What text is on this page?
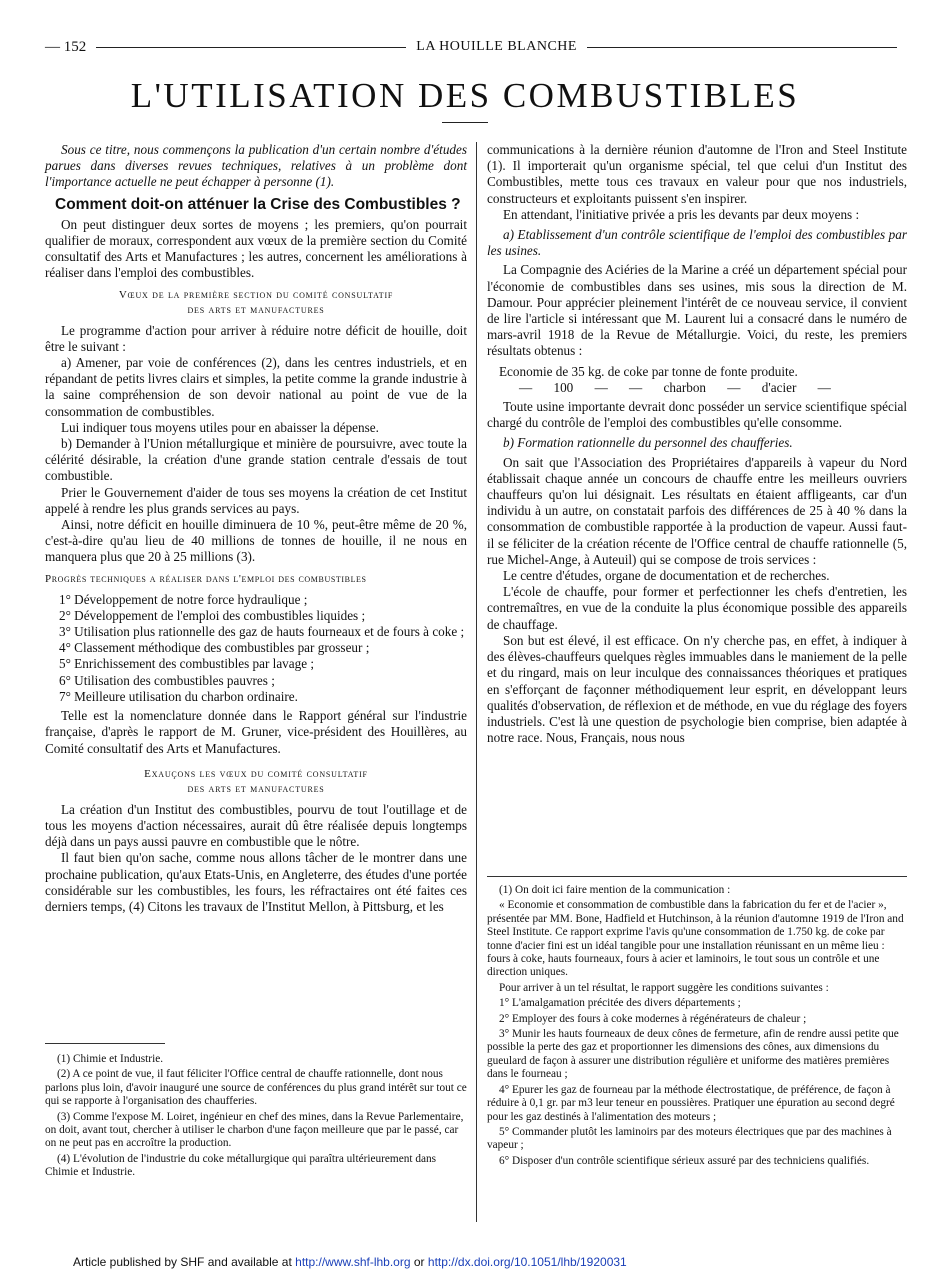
— 152	LA HOUILLE BLANCHE
L'UTILISATION DES COMBUSTIBLES

Sous ce titre, nous commençons la publication d'un certain nombre d'études parues dans diverses revues techniques, relatives à un problème dont l'importance actuelle ne peut échapper à personne (1).

Comment doit-on atténuer la Crise des Combustibles ?

On peut distinguer deux sortes de moyens ; les premiers, qu'on pourrait qualifier de moraux, correspondent aux vœux de la première section du Comité consultatif des Arts et Manufactures ; les autres, concernent les améliorations à réaliser dans l'emploi des combustibles.

Vœux de la première section du comité consultatif
des arts et manufactures

Le programme d'action pour arriver à réduire notre déficit de houille, doit être le suivant :

a) Amener, par voie de conférences (2), dans les centres industriels, et en répandant de petits livres clairs et simples, la petite comme la grande industrie à la saine compréhension de son devoir national au point de vue de la consommation de combustibles.

Lui indiquer tous moyens utiles pour en abaisser la dépense.

b) Demander à l'Union métallurgique et minière de poursuivre, avec toute la célérité désirable, la création d'une grande station centrale d'essais de tout combustible.

Prier le Gouvernement d'aider de tous ses moyens la création de cet Institut appelé à rendre les plus grands services au pays.

Ainsi, notre déficit en houille diminuera de 10 %, peut-être même de 20 %, c'est-à-dire qu'au lieu de 40 millions de tonnes de houille, il ne nous en manquera plus que 20 à 25 millions (3).

Progrès techniques a réaliser dans l'emploi des combustibles

1° Développement de notre force hydraulique ;

2° Développement de l'emploi des combustibles liquides ;

3° Utilisation plus rationnelle des gaz de hauts fourneaux et de fours à coke ;

4° Classement méthodique des combustibles par grosseur ;

5° Enrichissement des combustibles par lavage ;

6° Utilisation des combustibles pauvres ;

7° Meilleure utilisation du charbon ordinaire.

Telle est la nomenclature donnée dans le Rapport général sur l'industrie française, d'après le rapport de M. Gruner, vice-président des Houillères, au Comité consultatif des Arts et Manufactures.

Exauçons les vœux du comité consultatif
des arts et manufactures

La création d'un Institut des combustibles, pourvu de tout l'outillage et de tous les moyens d'action nécessaires, aurait dû être réalisée depuis longtemps déjà dans un pays aussi pauvre en combustible que le nôtre.

Il faut bien qu'on sache, comme nous allons tâcher de le montrer dans une prochaine publication, qu'aux Etats-Unis, en Angleterre, des études d'une portée considérable sur les combustibles, les fours, les réfractaires ont été faites ces derniers temps, (4) Citons les travaux de l'Institut Mellon, à Pittsburg, et les

(1) Chimie et Industrie.

(2) A ce point de vue, il faut féliciter l'Office central de chauffe rationnelle, dont nous parlons plus loin, d'avoir inauguré une source de conférences du plus grand intérêt sur tout ce qui se rapporte à l'organisation des chaufferies.

(3) Comme l'expose M. Loiret, ingénieur en chef des mines, dans la Revue Parlementaire, on doit, avant tout, chercher à utiliser le charbon d'une façon meilleure que par le passé, car on ne peut pas en accroître la production.

(4) L'évolution de l'industrie du coke métallurgique qui paraîtra ultérieurement dans Chimie et Industrie.

communications à la dernière réunion d'automne de l'Iron and Steel Institute (1). Il importerait qu'un organisme spécial, tel que celui d'un Institut des Combustibles, mette tous ces travaux en valeur pour que nos industriels, constructeurs et exploitants puissent s'en inspirer.

En attendant, l'initiative privée a pris les devants par deux moyens :

a) Etablissement d'un contrôle scientifique de l'emploi des combustibles par les usines.

La Compagnie des Aciéries de la Marine a créé un département spécial pour l'économie de combustibles dans ses usines, mis sous la direction de M. Damour. Pour apprécier pleinement l'intérêt de ce nouveau service, il convient de lire l'article si intéressant que M. Laurent lui a consacré dans le numéro de mars-avril 1918 de la Revue de Métallurgie. Voici, du reste, les premiers résultats obtenus :

Economie de 35 kg. de coke par tonne de fonte produite.

— 100 — — charbon — d'acier —

Toute usine importante devrait donc posséder un service scientifique spécial chargé du contrôle de l'emploi des combustibles qu'elle consomme.

b) Formation rationnelle du personnel des chaufferies.

On sait que l'Association des Propriétaires d'appareils à vapeur du Nord établissait chaque année un concours de chauffe entre les meilleurs ouvriers chauffeurs qu'on lui désignait. Les résultats en étaient affligeants, car d'un individu à un autre, on constatait parfois des différences de 25 à 40 % dans la consommation de combustible rapportée à la production de vapeur. Aussi faut-il se féliciter de la création récente de l'Office central de chauffe rationnelle (5, rue Michel-Ange, à Auteuil) qui se compose de trois services :

Le centre d'études, organe de documentation et de recherches.

L'école de chauffe, pour former et perfectionner les chefs d'entretien, les contremaîtres, en vue de la conduite la plus économique possible des appareils de chauffage.

Son but est élevé, il est efficace. On n'y cherche pas, en effet, à indiquer à des élèves-chauffeurs quelques règles immuables dans le maniement de la pelle et du ringard, mais on leur inculque des connaissances théoriques et pratiques en s'efforçant de façonner méthodiquement leur esprit, en développant leurs qualités d'observation, de réflexion et de méthode, en vue du réglage des foyers industriels. C'est là une question de psychologie bien comprise, bien adaptée à notre race. Nous, Français, nous nous

(1) On doit ici faire mention de la communication :

« Economie et consommation de combustible dans la fabrication du fer et de l'acier », présentée par MM. Bone, Hadfield et Hutchinson, à la réunion d'automne 1919 de l'Iron and Steel Institute. Ce rapport exprime l'avis qu'une consommation de 1.750 kg. de coke par tonne d'acier fini est un idéal tangible pour une installation réunissant en un même lieu : fours à coke, hauts fourneaux, fours à acier et laminoirs, le tout sous un contrôle et une direction uniques.

Pour arriver à un tel résultat, le rapport suggère les conditions suivantes :

1° L'amalgamation précitée des divers départements ;

2° Employer des fours à coke modernes à régénérateurs de chaleur ;

3° Munir les hauts fourneaux de deux cônes de fermeture, afin de rendre aussi petite que possible la perte des gaz et proportionner les dimensions des cônes, aux dimensions du gueulard de façon à assurer une distribution régulière et uniforme des matières premières dans le fourneau ;

4° Epurer les gaz de fourneau par la méthode électrostatique, de préférence, de façon à réduire à 0,1 gr. par m3 leur teneur en poussières. Pratiquer une épuration au second degré pour les gaz destinés à l'alimentation des moteurs ;

5° Commander plutôt les laminoirs par des moteurs électriques que par des machines à vapeur ;

6° Disposer d'un contrôle scientifique sérieux assuré par des techniciens qualifiés.

Article published by SHF and available at http://www.shf-lhb.org or http://dx.doi.org/10.1051/lhb/1920031
